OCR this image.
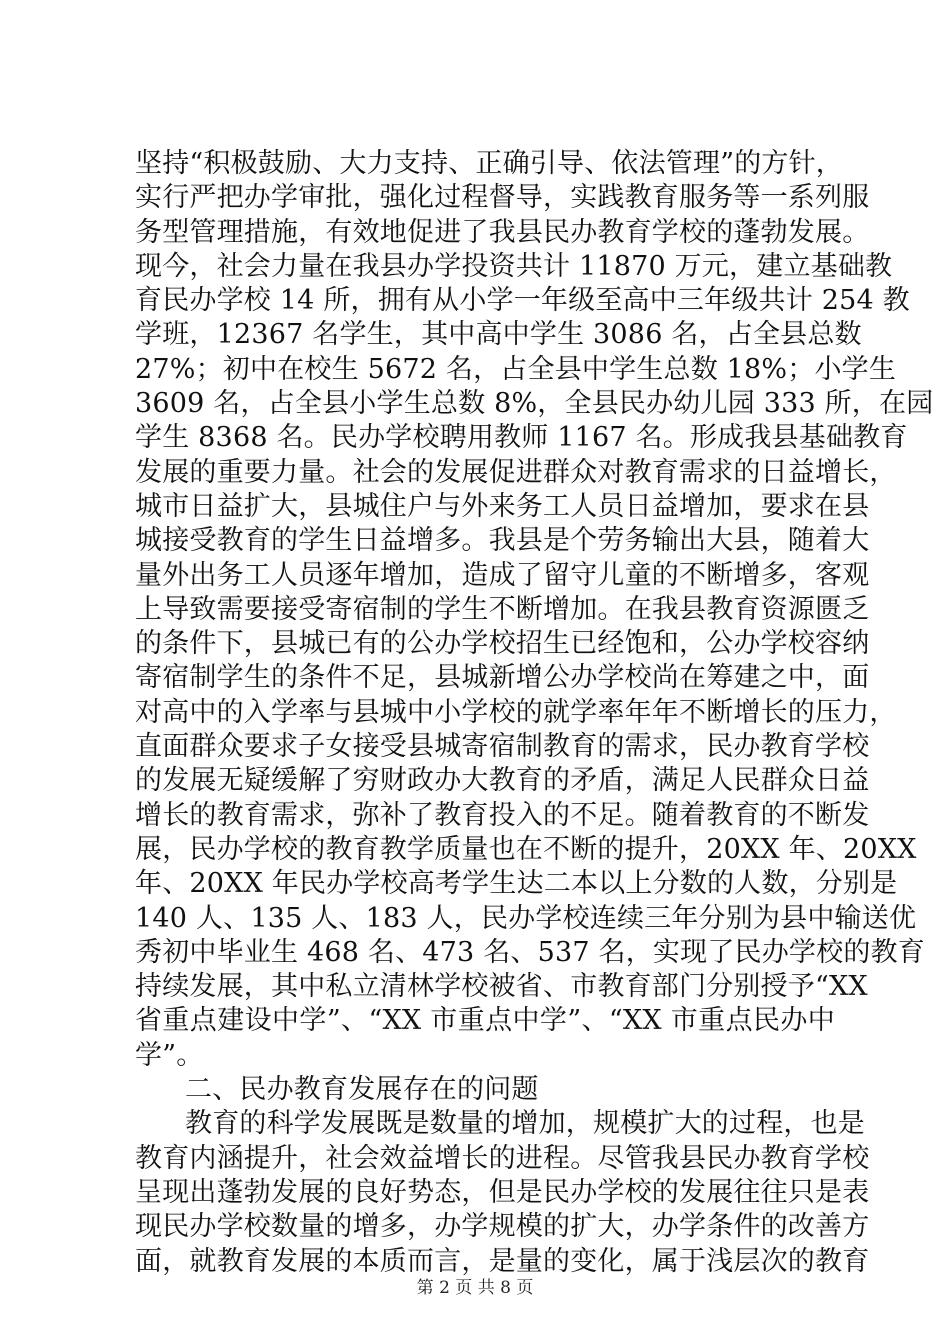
坚持“积极鼓励、大力支持、正确引导、依法管理”的方针，
实行严把办学审批，强化过程督导，实践教育服务等一系列服
务型管理措施，有效地促进了我县民办教育学校的蓬勃发展。
现今，社会力量在我县办学投资共计 11870 万元，建立基础教
育民办学校 14 所，拥有从小学一年级至高中三年级共计 254 教
学班，12367 名学生，其中高中学生 3086 名，占全县总数
27%；初中在校生 5672 名，占全县中学生总数 18%；小学生
3609 名，占全县小学生总数 8%，全县民办幼儿园 333 所，在园
学生 8368 名。民办学校聘用教师 1167 名。形成我县基础教育
发展的重要力量。社会的发展促进群众对教育需求的日益增长，
城市日益扩大，县城住户与外来务工人员日益增加，要求在县
城接受教育的学生日益增多。我县是个劳务输出大县，随着大
量外出务工人员逐年增加，造成了留守儿童的不断增多，客观
上导致需要接受寄宿制的学生不断增加。在我县教育资源匮乏
的条件下，县城已有的公办学校招生已经饱和，公办学校容纳
寄宿制学生的条件不足，县城新增公办学校尚在筹建之中，面
对高中的入学率与县城中小学校的就学率年年不断增长的压力，
直面群众要求子女接受县城寄宿制教育的需求，民办教育学校
的发展无疑缓解了穷财政办大教育的矛盾，满足人民群众日益
增长的教育需求，弥补了教育投入的不足。随着教育的不断发
展，民办学校的教育教学质量也在不断的提升，20XX 年、20XX
年、20XX 年民办学校高考学生达二本以上分数的人数，分别是
140 人、135 人、183 人，民办学校连续三年分别为县中输送优
秀初中毕业生 468 名、473 名、537 名，实现了民办学校的教育
持续发展，其中私立清林学校被省、市教育部门分别授予“XX
省重点建设中学”、“XX 市重点中学”、“XX 市重点民办中
学”。
二、民办教育发展存在的问题
教育的科学发展既是数量的增加，规模扩大的过程，也是
教育内涵提升，社会效益增长的进程。尽管我县民办教育学校
呈现出蓬勃发展的良好势态，但是民办学校的发展往往只是表
现民办学校数量的增多，办学规模的扩大，办学条件的改善方
面，就教育发展的本质而言，是量的变化，属于浅层次的教育
第 2 页 共 8 页
